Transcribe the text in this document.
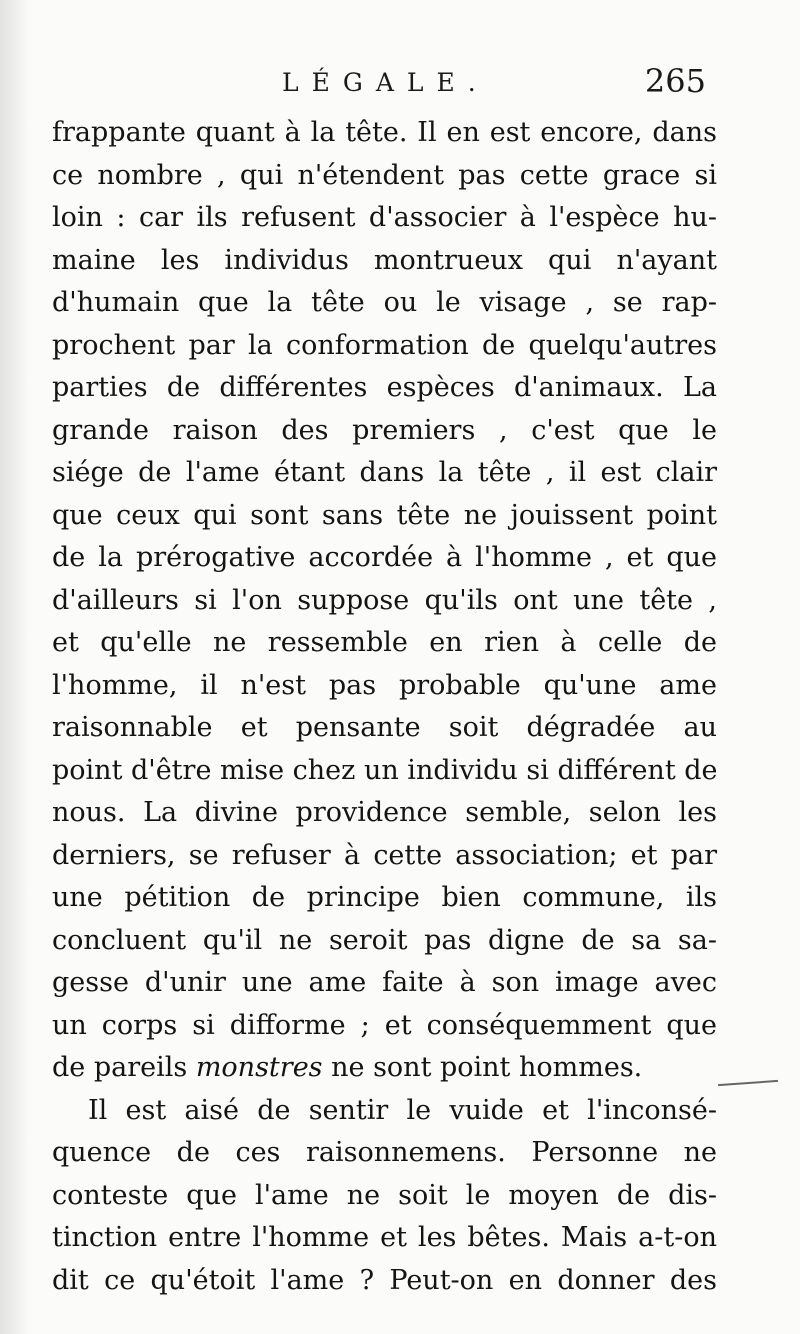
LÉGALE.	265
frappante quant à la tête. Il en est encore, dans
ce nombre , qui n'étendent pas cette grace si
loin : car ils refusent d'associer à l'espèce hu-
maine les individus montrueux qui n'ayant
d'humain que la tête ou le visage , se rap-
prochent par la conformation de quelqu'autres
parties de différentes espèces d'animaux. La
grande raison des premiers , c'est que le
siége de l'ame étant dans la tête , il est clair
que ceux qui sont sans tête ne jouissent point
de la prérogative accordée à l'homme , et que
d'ailleurs si l'on suppose qu'ils ont une tête ,
et qu'elle ne ressemble en rien à celle de
l'homme, il n'est pas probable qu'une ame
raisonnable et pensante soit dégradée au
point d'être mise chez un individu si différent de
nous. La divine providence semble, selon les
derniers, se refuser à cette association; et par
une pétition de principe bien commune, ils
concluent qu'il ne seroit pas digne de sa sa-
gesse d'unir une ame faite à son image avec
un corps si difforme ; et conséquemment que
de pareils monstres ne sont point hommes.
Il est aisé de sentir le vuide et l'inconsé-
quence de ces raisonnemens. Personne ne
conteste que l'ame ne soit le moyen de dis-
tinction entre l'homme et les bêtes. Mais a-t-on
dit ce qu'étoit l'ame ? Peut-on en donner des
